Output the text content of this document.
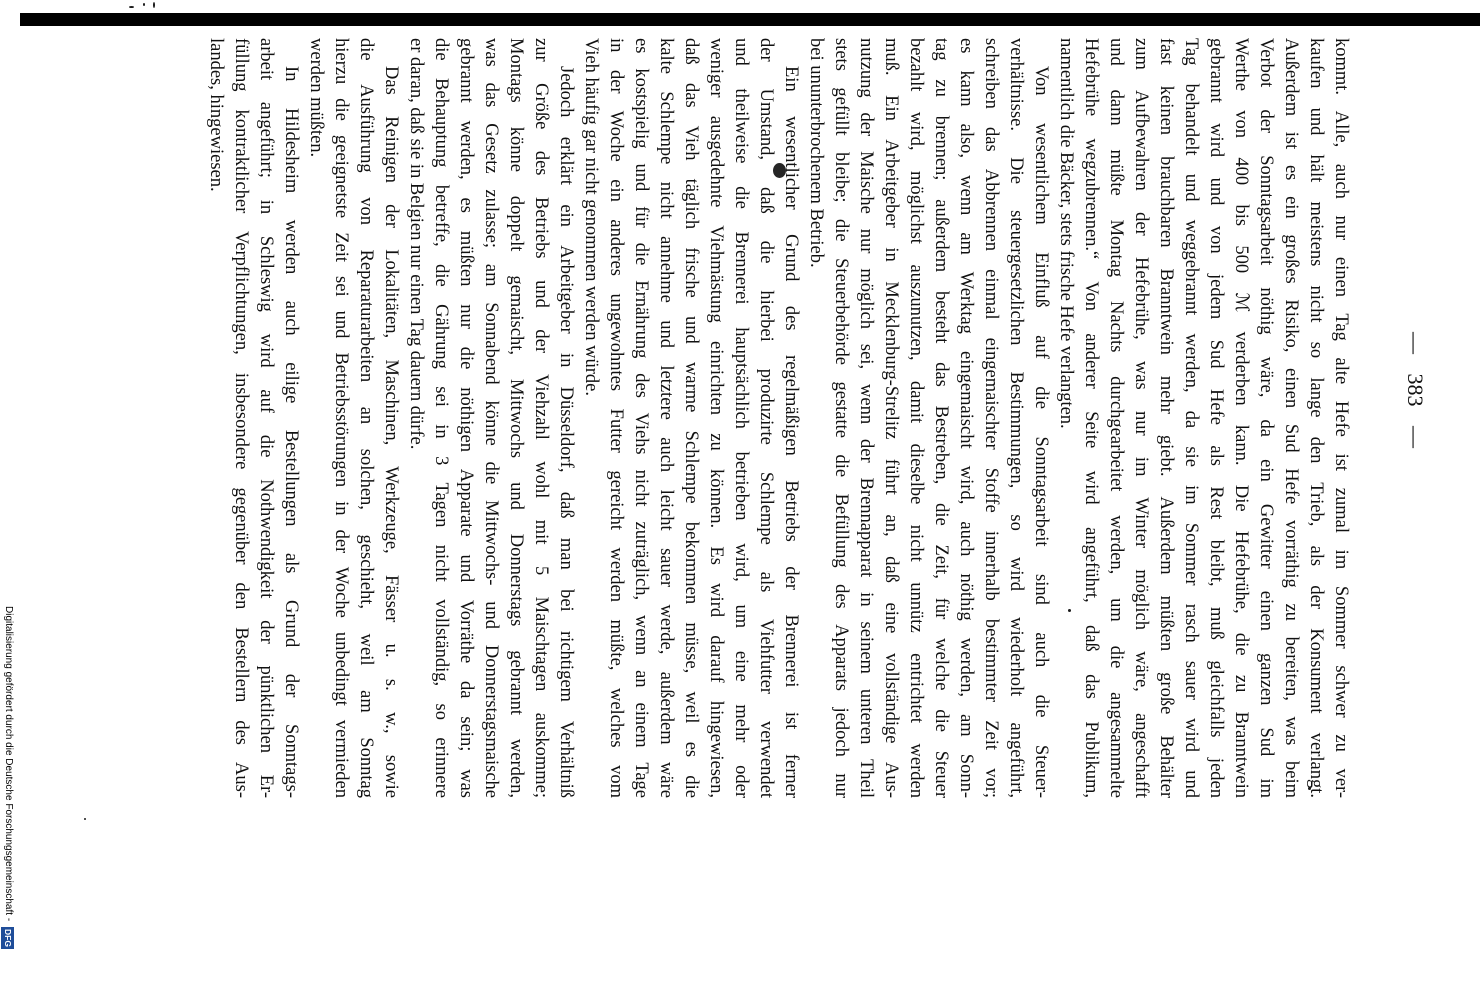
— 383 —
kommt. Alle, auch nur einen Tag alte Hefe ist zumal im Sommer schwer zu ver-
kaufen und hält meistens nicht so lange den Trieb, als der Konsument verlangt.
Außerdem ist es ein großes Risiko, einen Sud Hefe vorräthig zu bereiten, was beim
Verbot der Sonntagsarbeit nöthig wäre, da ein Gewitter einen ganzen Sud im
Werthe von 400 bis 500 ℳ verderben kann. Die Hefebrühe, die zu Branntwein
gebrannt wird und von jedem Sud Hefe als Rest bleibt, muß gleichfalls jeden
Tag behandelt und weggebrannt werden, da sie im Sommer rasch sauer wird und
fast keinen brauchbaren Branntwein mehr giebt. Außerdem müßten große Behälter
zum Aufbewahren der Hefebrühe, was nur im Winter möglich wäre, angeschafft
und dann müßte Montag Nachts durchgearbeitet werden, um die angesammelte
Hefebrühe wegzubrennen.“ Von anderer Seite wird angeführt, daß das Publikum,
namentlich die Bäcker, stets frische Hefe verlangten.
Von wesentlichem Einfluß auf die Sonntagsarbeit sind auch die Steuer-
verhältnisse. Die steuergesetzlichen Bestimmungen, so wird wiederholt angeführt,
schreiben das Abbrennen einmal eingemaischter Stoffe innerhalb bestimmter Zeit vor;
es kann also, wenn am Werktag eingemaischt wird, auch nöthig werden, am Sonn-
tag zu brennen; außerdem besteht das Bestreben, die Zeit, für welche die Steuer
bezahlt wird, möglichst auszunutzen, damit dieselbe nicht unnütz entrichtet werden
muß. Ein Arbeitgeber in Mecklenburg-Strelitz führt an, daß eine vollständige Aus-
nutzung der Maische nur möglich sei, wenn der Brennapparat in seinem unteren Theil
stets gefüllt bleibe; die Steuerbehörde gestatte die Befüllung des Apparats jedoch nur
bei ununterbrochenem Betrieb.
Ein wesentlicher Grund des regelmäßigen Betriebs der Brennerei ist ferner
der Umstand, daß die hierbei produzirte Schlempe als Viehfutter verwendet
und theilweise die Brennerei hauptsächlich betrieben wird, um eine mehr oder
weniger ausgedehnte Viehmästung einrichten zu können. Es wird darauf hingewiesen,
daß das Vieh täglich frische und warme Schlempe bekommen müsse, weil es die
kalte Schlempe nicht annehme und letztere auch leicht sauer werde, außerdem wäre
es kostspielig und für die Ernährung des Viehs nicht zuträglich, wenn an einem Tage
in der Woche ein anderes ungewohntes Futter gereicht werden müßte, welches vom
Vieh häufig gar nicht genommen werden würde.
Jedoch erklärt ein Arbeitgeber in Düsseldorf, daß man bei richtigem Verhältniß
zur Größe des Betriebs und der Viehzahl wohl mit 5 Maischtagen auskomme;
Montags könne doppelt gemaischt, Mittwochs und Donnerstags gebrannt werden,
was das Gesetz zulasse; am Sonnabend könne die Mittwochs- und Donnerstagsmaische
gebrannt werden, es müßten nur die nöthigen Apparate und Vorräthe da sein; was
die Behauptung betreffe, die Gährung sei in 3 Tagen nicht vollständig, so erinnere
er daran, daß sie in Belgien nur einen Tag dauern dürfe.
Das Reinigen der Lokalitäten, Maschinen, Werkzeuge, Fässer u. s. w., sowie
die Ausführung von Reparaturarbeiten an solchen, geschieht, weil am Sonntag
hierzu die geeignetste Zeit sei und Betriebsstörungen in der Woche unbedingt vermieden
werden müßten.
In Hildesheim werden auch eilige Bestellungen als Grund der Sonntags-
arbeit angeführt; in Schleswig wird auf die Nothwendigkeit der pünktlichen Er-
füllung kontraktlicher Verpflichtungen, insbesondere gegenüber den Bestellern des Aus-
landes, hingewiesen.
Digitalisierung gefördert durch die Deutsche Forschungsgemeinschaft - DFG
